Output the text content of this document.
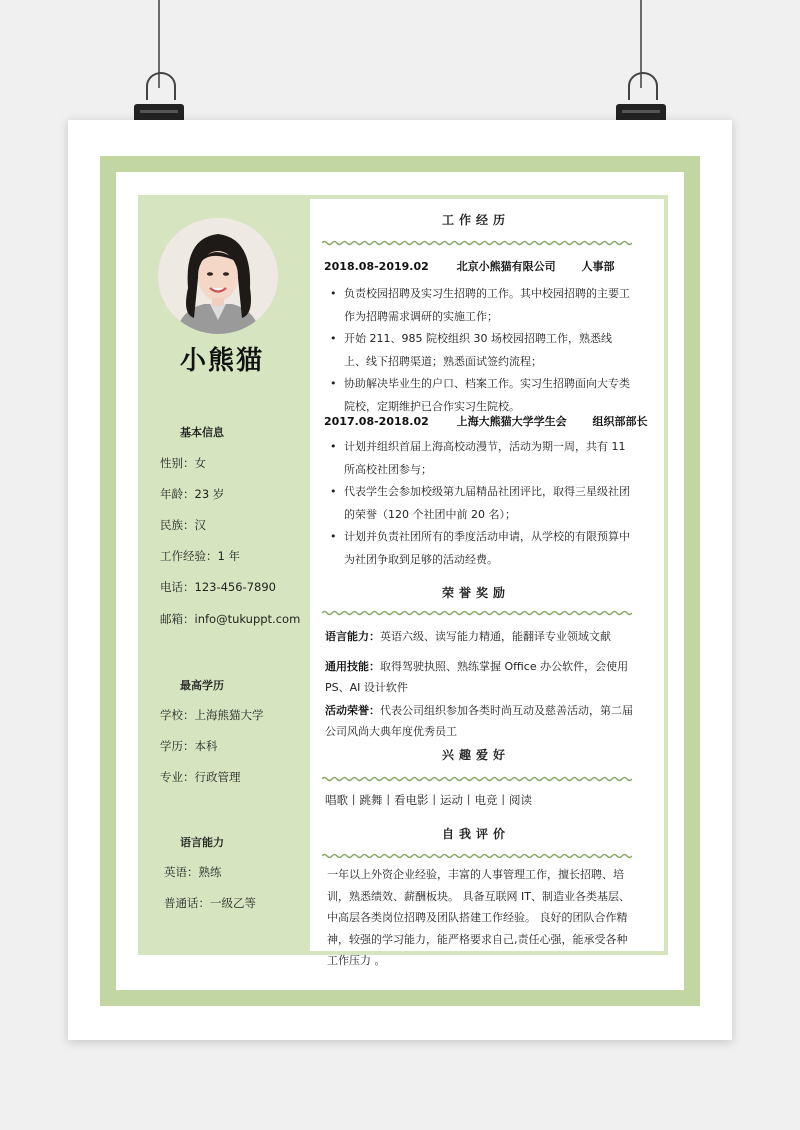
小熊猫
基本信息
性别：女
年龄：23 岁
民族：汉
工作经验：1 年
电话：123-456-7890
邮箱：info@tukuppt.com
最高学历
学校：上海熊猫大学
学历：本科
专业：行政管理
语言能力
英语：熟练
普通话：一级乙等
工作经历
2018.08-2019.02	北京小熊猫有限公司 人事部
• 负责校园招聘及实习生招聘的工作。其中校园招聘的主要工作为招聘需求调研的实施工作；
• 开始 211、985 院校组织 30 场校园招聘工作，熟悉线上、线下招聘渠道；熟悉面试签约流程；
• 协助解决毕业生的户口、档案工作。实习生招聘面向大专类院校，定期维护已合作实习生院校。
2017.08-2018.02	上海大熊猫大学学生会 组织部部长
• 计划并组织首届上海高校动漫节，活动为期一周，共有 11 所高校社团参与；
• 代表学生会参加校级第九届精品社团评比，取得三星级社团的荣誉（120 个社团中前 20 名）；
• 计划并负责社团所有的季度活动申请，从学校的有限预算中为社团争取到足够的活动经费。
荣誉奖励
语言能力：英语六级、读写能力精通，能翻译专业领域文献
通用技能：取得驾驶执照、熟练掌握 Office 办公软件，会使用 PS、AI 设计软件
活动荣誉：代表公司组织参加各类时尚互动及慈善活动，第二届公司风尚大典年度优秀员工
兴趣爱好
唱歌丨跳舞丨看电影丨运动丨电竞丨阅读
自我评价
一年以上外资企业经验，丰富的人事管理工作，擅长招聘、培训，熟悉绩效、薪酬板块。 具备互联网 IT、制造业各类基层、中高层各类岗位招聘及团队搭建工作经验。 良好的团队合作精神，较强的学习能力，能严格要求自己,责任心强，能承受各种工作压力 。
